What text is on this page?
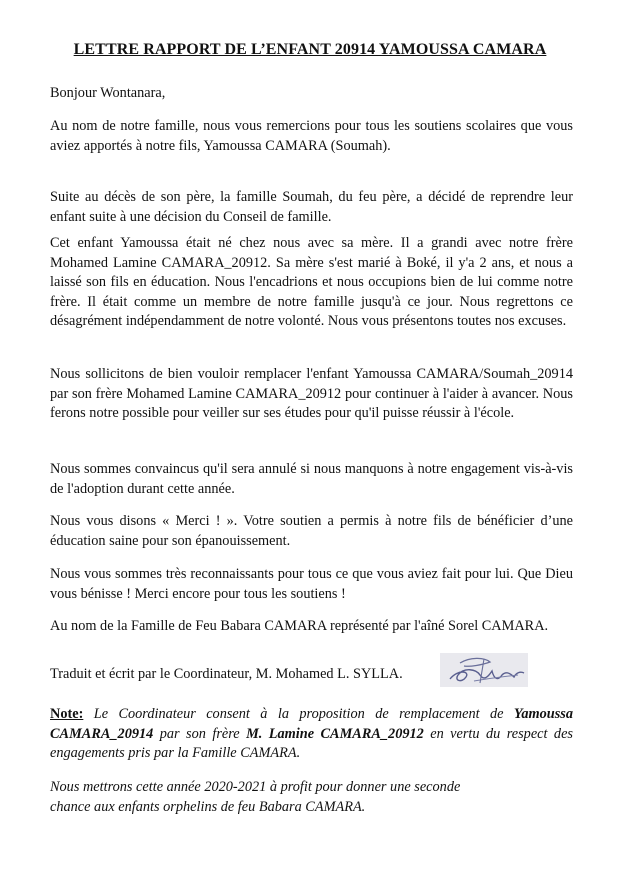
LETTRE RAPPORT DE L’ENFANT 20914 YAMOUSSA CAMARA

Bonjour Wontanara,

Au nom de notre famille, nous vous remercions pour tous les soutiens scolaires que vous aviez apportés à notre fils, Yamoussa CAMARA (Soumah).

Suite au décès de son père, la famille Soumah, du feu père, a décidé de reprendre leur enfant suite à une décision du Conseil de famille.

Cet enfant Yamoussa était né chez nous avec sa mère. Il a grandi avec notre frère Mohamed Lamine CAMARA_20912. Sa mère s'est marié à Boké, il y'a 2 ans, et nous a laissé son fils en éducation. Nous l'encadrions et nous occupions bien de lui comme notre frère. Il était comme un membre de notre famille jusqu'à ce jour. Nous regrettons ce désagrément indépendamment de notre volonté. Nous vous présentons toutes nos excuses.

Nous sollicitons de bien vouloir remplacer l'enfant Yamoussa CAMARA/Soumah_20914 par son frère Mohamed Lamine CAMARA_20912 pour continuer à l'aider à avancer. Nous ferons notre possible pour veiller sur ses études pour qu'il puisse réussir à l'école.

Nous sommes convaincus qu'il sera annulé si nous manquons à notre engagement vis-à-vis de l'adoption durant cette année.

Nous vous disons « Merci ! ». Votre soutien a permis à notre fils de bénéficier d’une éducation saine pour son épanouissement.

Nous vous sommes très reconnaissants pour tous ce que vous aviez fait pour lui. Que Dieu vous bénisse ! Merci encore pour tous les soutiens !

Au nom de la Famille de Feu Babara CAMARA représenté par l'aîné Sorel CAMARA.

Traduit et écrit par le Coordinateur, M. Mohamed L. SYLLA.

Note: Le Coordinateur consent à la proposition de remplacement de Yamoussa CAMARA_20914 par son frère M. Lamine CAMARA_20912 en vertu du respect des engagements pris par la Famille CAMARA.

Nous mettrons cette année 2020-2021 à profit pour donner une seconde
chance aux enfants orphelins de feu Babara CAMARA.
